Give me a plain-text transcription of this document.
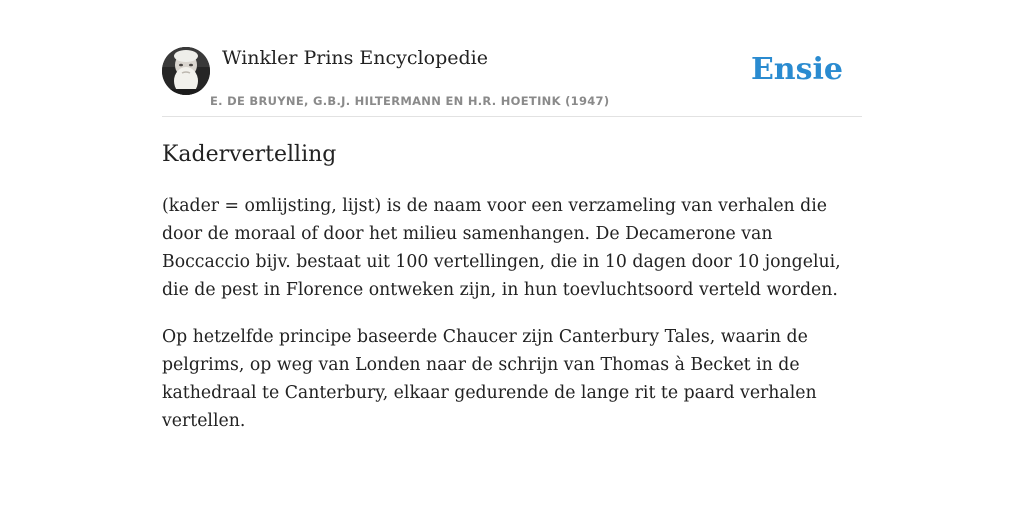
Winkler Prins Encyclopedie
E. DE BRUYNE, G.B.J. HILTERMANN EN H.R. HOETINK (1947)
Ensie
Kadervertelling

(kader = omlijsting, lijst) is de naam voor een verzameling van verhalen die door de moraal of door het milieu samenhangen. De Decamerone van Boccaccio bijv. bestaat uit 100 vertellingen, die in 10 dagen door 10 jongelui, die de pest in Florence ontweken zijn, in hun toevluchtsoord verteld worden.

Op hetzelfde principe baseerde Chaucer zijn Canterbury Tales, waarin de pelgrims, op weg van Londen naar de schrijn van Thomas à Becket in de kathedraal te Canterbury, elkaar gedurende de lange rit te paard verhalen vertellen.
